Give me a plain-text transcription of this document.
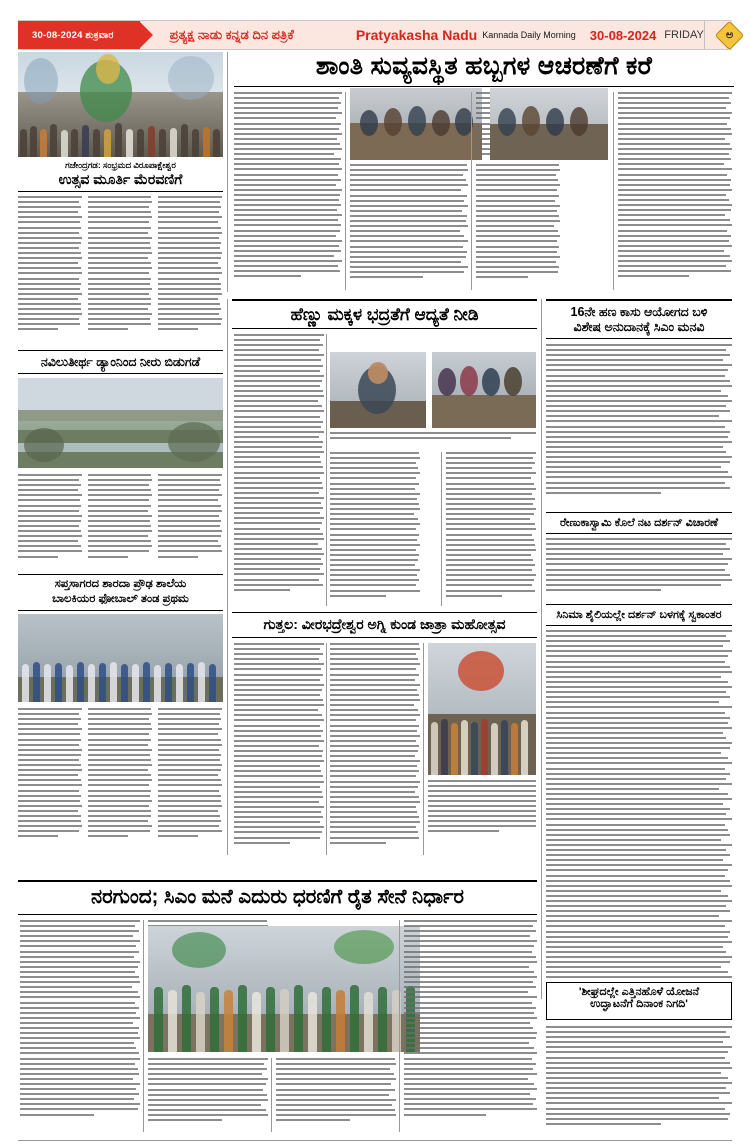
30-08-2024 ಶುಕ್ರವಾರ	ಪ್ರತ್ಯಕ್ಷ ನಾಡು ಕನ್ನಡ ದಿನ ಪತ್ರಿಕೆ	Pratyakasha Nadu Kannada Daily Morning 30-08-2024 FRIDAY ಅ
ಶಾಂತಿ ಸುವ್ಯವಸ್ಥಿತ ಹಬ್ಬಗಳ ಆಚರಣೆಗೆ ಕರೆ
ಗಜೇಂದ್ರಗಡ: ಸಂಭ್ರಮದ ವಿರೂಪಾಕ್ಷೇಶ್ವರ
ಉತ್ಸವ ಮೂರ್ತಿ ಮೆರವಣಿಗೆ
ನವಿಲುತೀರ್ಥ ಡ್ಯಾಂನಿಂದ ನೀರು ಬಿಡುಗಡೆ
ಸಪ್ತಸಾಗರದ ಶಾರದಾ ಪ್ರೌಢ ಶಾಲೆಯ
ಬಾಲಕಿಯರ ಫೋಬಾಲ್ ತಂಡ ಪ್ರಥಮ
ಹೆಣ್ಣು ಮಕ್ಕಳ ಭದ್ರತೆಗೆ ಆದ್ಯತೆ ನೀಡಿ
ಗುತ್ತಲ: ವೀರಭದ್ರೇಶ್ವರ ಅಗ್ನಿ ಕುಂಡ ಜಾತ್ರಾ ಮಹೋತ್ಸವ
16ನೇ ಹಣ ಕಾಸು ಆಯೋಗದ ಬಳಿ
ವಿಶೇಷ ಅನುದಾನಕ್ಕೆ ಸಿಎಂ ಮನವಿ
ರೇಣುಕಾಸ್ವಾಮಿ ಕೊಲೆ ನಟ ದರ್ಶನ್ ವಿಚಾರಣೆ
ಸಿನಿಮಾ ಶೈಲಿಯಲ್ಲೇ ದರ್ಶನ್ ಬಳಗಕ್ಕೆ ಸ್ವಕಾಂತರ
'ಶೀಘ್ರದಲ್ಲೇ ಎತ್ತಿನಹೊಳೆ ಯೋಜನೆ
ಉದ್ಘಾಟನೆಗೆ ದಿನಾಂಕ ನಿಗದಿ'
ನರಗುಂದ; ಸಿಎಂ ಮನೆ ಎದುರು ಧರಣಿಗೆ ರೈತ ಸೇನೆ ನಿರ್ಧಾರ
